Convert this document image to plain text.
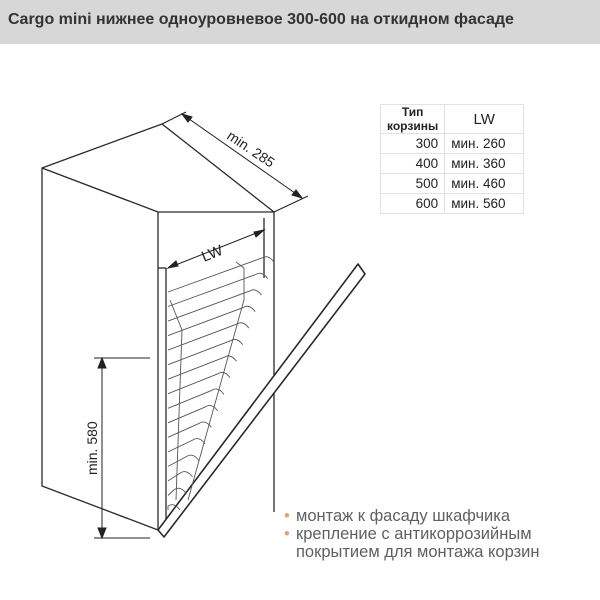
Cargo mini нижнее одноуровневое 300-600 на откидном фасаде
min. 285
LW
min. 580
Тип корзины	LW
300	мин. 260
400	мин. 360
500	мин. 460
600	мин. 560
• монтаж к фасаду шкафчика
• крепление с антикоррозийным покрытием для монтажа корзин
